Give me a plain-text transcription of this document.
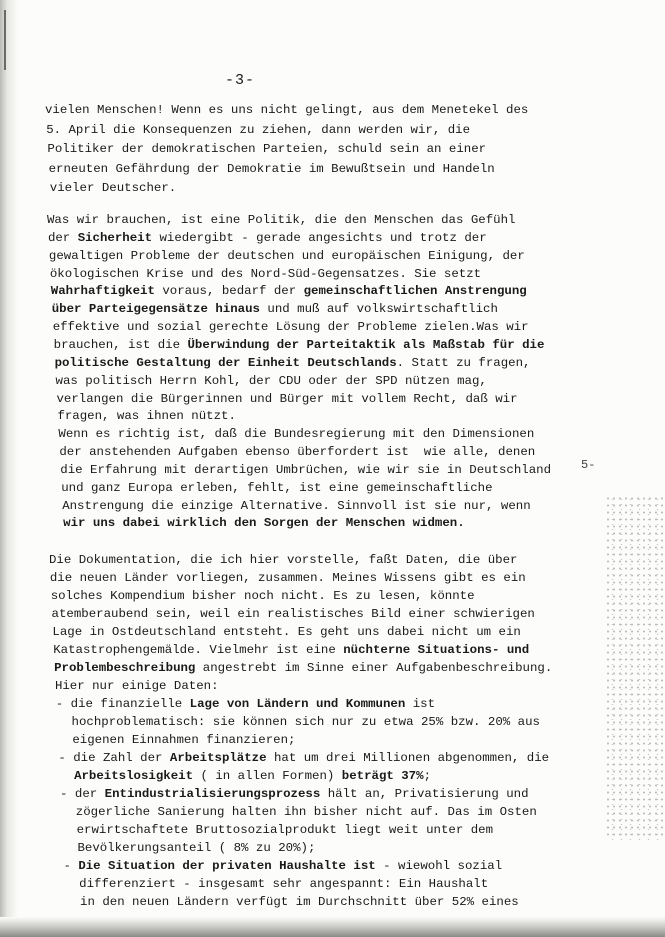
-3-
5-
vielen Menschen! Wenn es uns nicht gelingt, aus dem Menetekel des
5. April die Konsequenzen zu ziehen, dann werden wir, die
Politiker der demokratischen Parteien, schuld sein an einer
erneuten Gefährdung der Demokratie im Bewußtsein und Handeln
vieler Deutscher.
Was wir brauchen, ist eine Politik, die den Menschen das Gefühl
der Sicherheit wiedergibt - gerade angesichts und trotz der
gewaltigen Probleme der deutschen und europäischen Einigung, der
ökologischen Krise und des Nord-Süd-Gegensatzes. Sie setzt
Wahrhaftigkeit voraus, bedarf der gemeinschaftlichen Anstrengung
über Parteigegensätze hinaus und muß auf volkswirtschaftlich
effektive und sozial gerechte Lösung der Probleme zielen.Was wir
brauchen, ist die Überwindung der Parteitaktik als Maßstab für die
politische Gestaltung der Einheit Deutschlands. Statt zu fragen,
was politisch Herrn Kohl, der CDU oder der SPD nützen mag,
verlangen die Bürgerinnen und Bürger mit vollem Recht, daß wir
fragen, was ihnen nützt.
Wenn es richtig ist, daß die Bundesregierung mit den Dimensionen
der anstehenden Aufgaben ebenso überfordert ist  wie alle, denen
die Erfahrung mit derartigen Umbrüchen, wie wir sie in Deutschland
und ganz Europa erleben, fehlt, ist eine gemeinschaftliche
Anstrengung die einzige Alternative. Sinnvoll ist sie nur, wenn
wir uns dabei wirklich den Sorgen der Menschen widmen.
Die Dokumentation, die ich hier vorstelle, faßt Daten, die über
die neuen Länder vorliegen, zusammen. Meines Wissens gibt es ein
solches Kompendium bisher noch nicht. Es zu lesen, könnte
atemberaubend sein, weil ein realistisches Bild einer schwierigen
Lage in Ostdeutschland entsteht. Es geht uns dabei nicht um ein
Katastrophengemälde. Vielmehr ist eine nüchterne Situations- und
Problembeschreibung angestrebt im Sinne einer Aufgabenbeschreibung.
Hier nur einige Daten:
- die finanzielle Lage von Ländern und Kommunen ist
hochproblematisch: sie können sich nur zu etwa 25% bzw. 20% aus
eigenen Einnahmen finanzieren;
- die Zahl der Arbeitsplätze hat um drei Millionen abgenommen, die
Arbeitslosigkeit ( in allen Formen) beträgt 37%;
- der Entindustrialisierungsprozess hält an, Privatisierung und
zögerliche Sanierung halten ihn bisher nicht auf. Das im Osten
erwirtschaftete Bruttosozialprodukt liegt weit unter dem
Bevölkerungsanteil ( 8% zu 20%);
- Die Situation der privaten Haushalte ist - wiewohl sozial
differenziert - insgesamt sehr angespannt: Ein Haushalt
in den neuen Ländern verfügt im Durchschnitt über 52% eines
